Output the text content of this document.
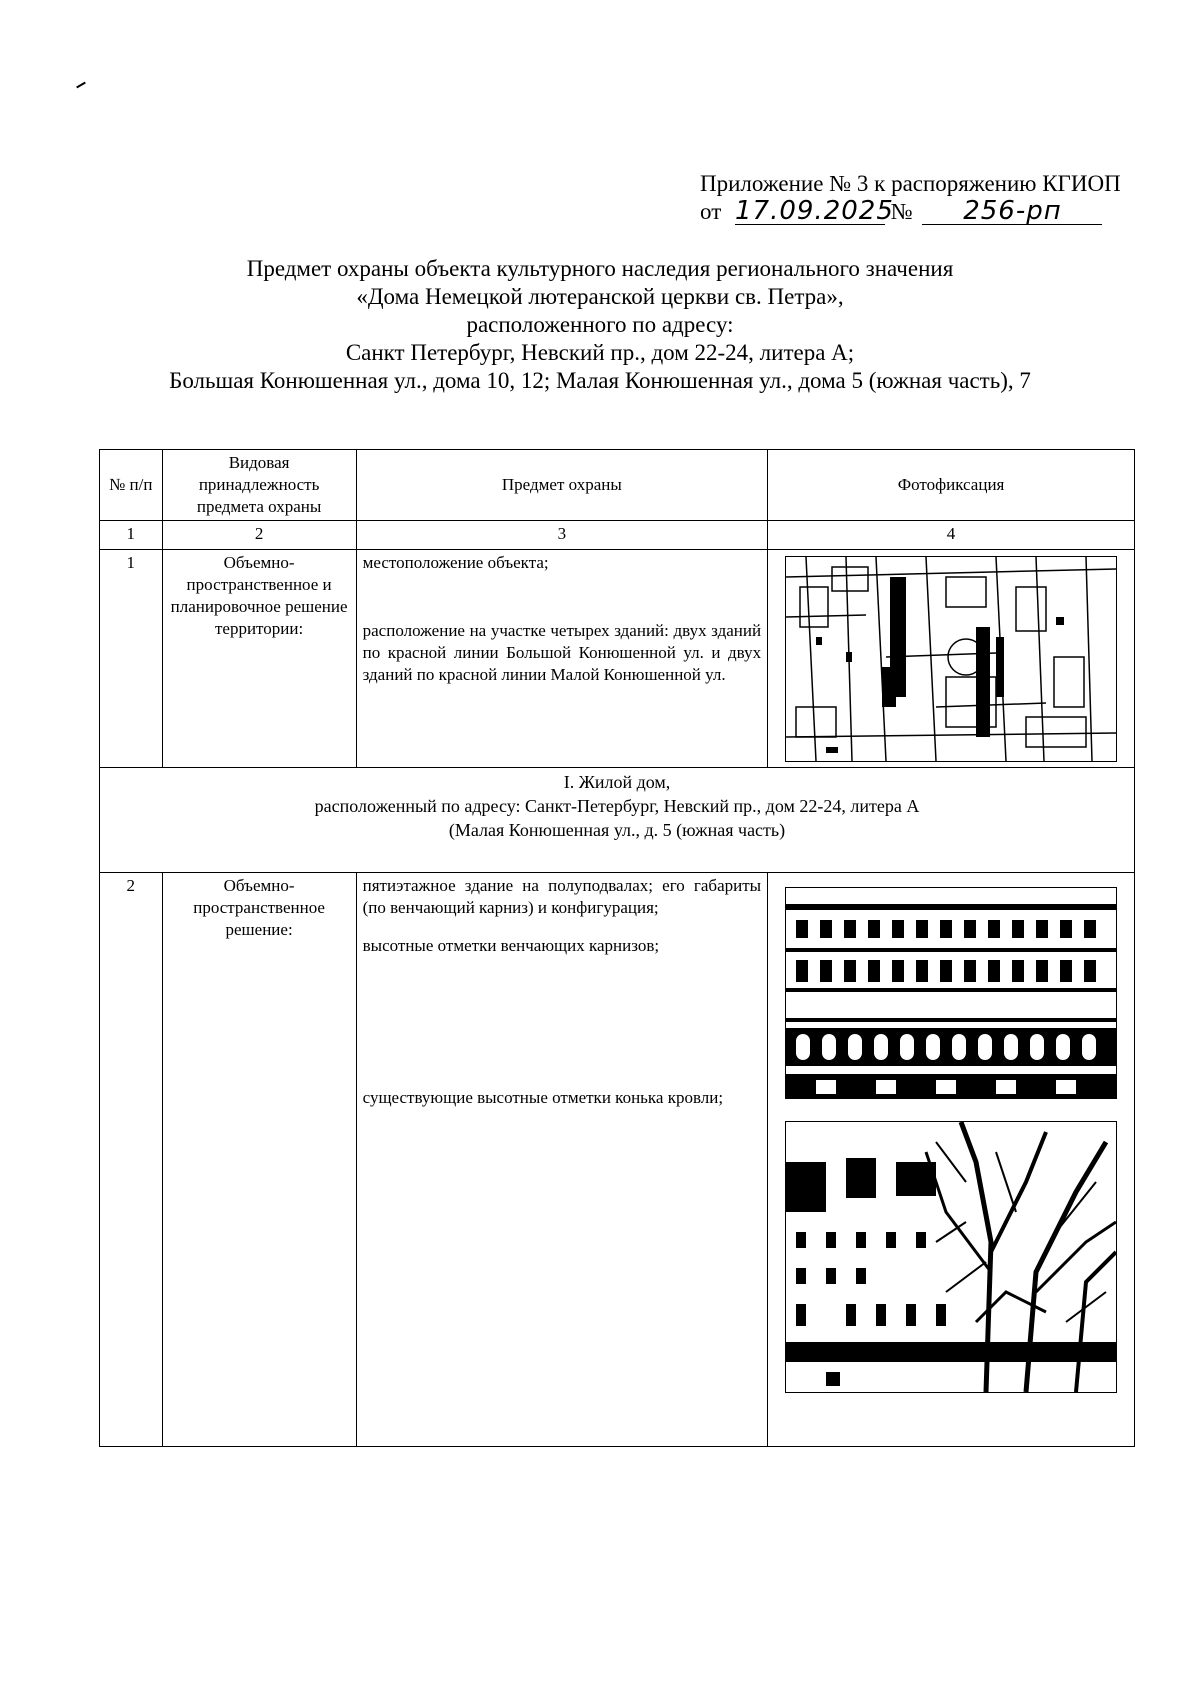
Приложение № 3 к распоряжению КГИОП
от 17.09.2025 № 256-рп
Предмет охраны объекта культурного наследия регионального значения
«Дома Немецкой лютеранской церкви св. Петра»,
расположенного по адресу:
Санкт Петербург, Невский пр., дом 22-24, литера А;
Большая Конюшенная ул., дома 10, 12; Малая Конюшенная ул., дома 5 (южная часть), 7
№ п/п	Видовая принадлежность предмета охраны	Предмет охраны	Фотофиксация
1	2	3	4
1	Объемно-пространственное и планировочное решение территории:	местоположение объекта;
расположение на участке четырех зданий: двух зданий по красной линии Большой Конюшенной ул. и двух зданий по красной линии Малой Конюшенной ул.

I. Жилой дом,
расположенный по адресу: Санкт-Петербург, Невский пр., дом 22-24, литера А
(Малая Конюшенная ул., д. 5 (южная часть)			

2	Объемно-пространственное решение:	пятиэтажное здание на полуподвалах; его габариты (по венчающий карниз) и конфигурация;
высотные отметки венчающих карнизов;
существующие высотные отметки конька кровли;
